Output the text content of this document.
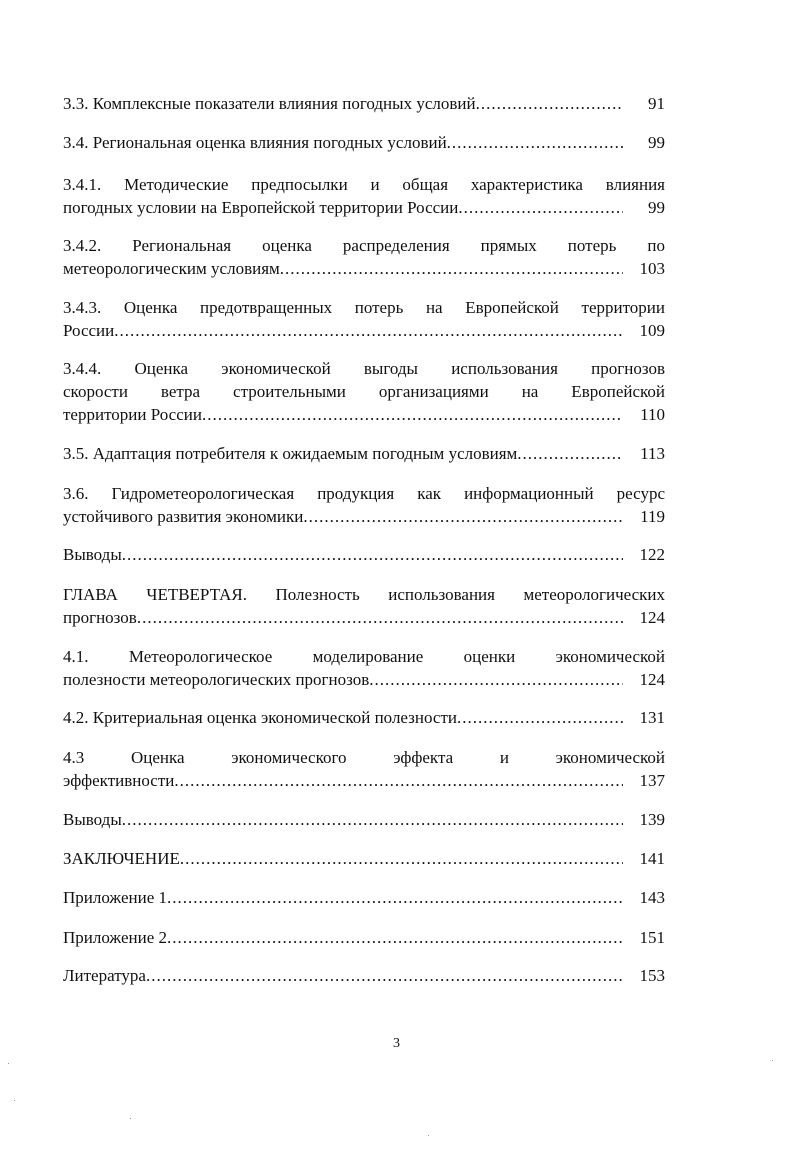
3.3. Комплексные показатели влияния погодных условий .....	91
3.4. Региональная оценка влияния погодных условий .....	99
3.4.1. Методические предпосылки и общая характеристика влияния
погодных условии на Европейской территории России .....	99
3.4.2. Региональная оценка распределения прямых потерь по
метеорологическим условиям .....	103
3.4.3. Оценка предотвращенных потерь на Европейской территории
России .....	109
3.4.4. Оценка экономической выгоды использования прогнозов
скорости ветра строительными организациями на Европейской
территории России .....	110
3.5. Адаптация потребителя к ожидаемым погодным условиям .....	113
3.6. Гидрометеорологическая продукция как информационный ресурс
устойчивого развития экономики .....	119
Выводы .....	122
ГЛАВА ЧЕТВЕРТАЯ. Полезность использования метеорологических
прогнозов .....	124
4.1. Метеорологическое моделирование оценки экономической
полезности метеорологических прогнозов .....	124
4.2. Критериальная оценка экономической полезности .....	131
4.3 Оценка экономического эффекта и экономической
эффективности .....	137
Выводы .....	139
ЗАКЛЮЧЕНИЕ .....	141
Приложение 1 .....	143
Приложение 2 .....	151
Литература .....	153
3
